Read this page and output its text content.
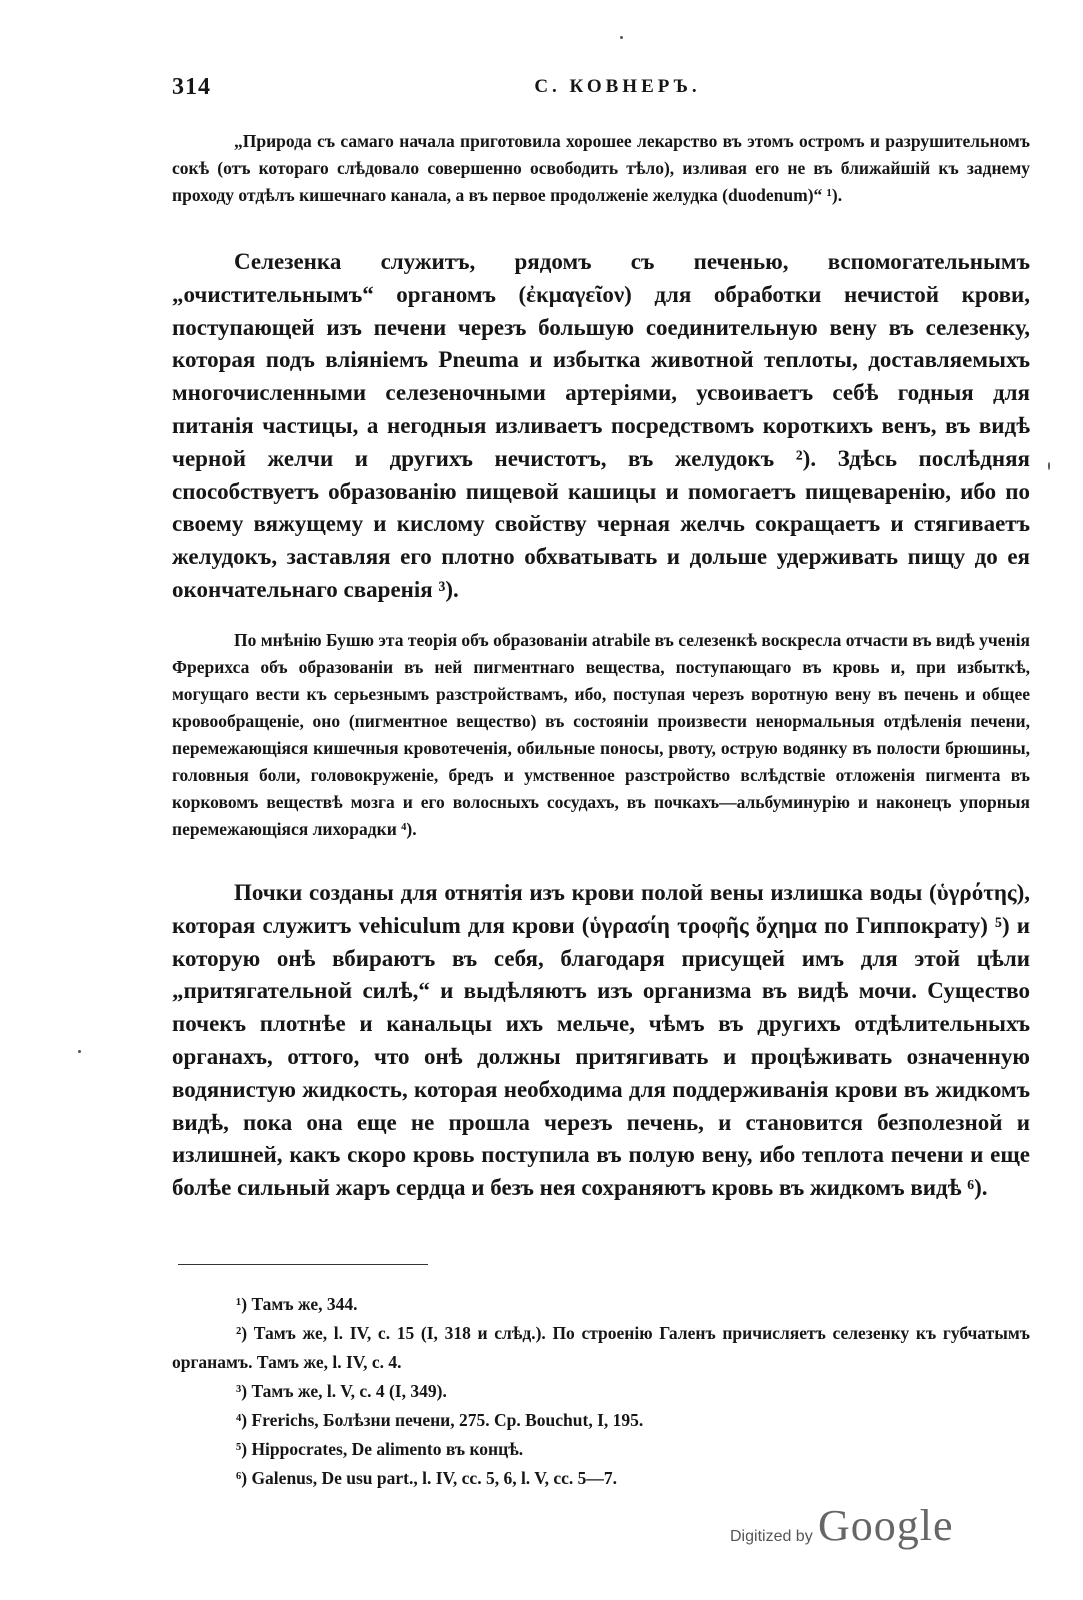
314	С. КОВНЕРЪ.

„Природа съ самаго начала приготовила хорошее лекарство въ этомъ остромъ и разрушительномъ сокѣ (отъ котораго слѣдовало совершенно освободить тѣло), изливая его не въ ближайшій къ заднему проходу отдѣлъ кишечнаго канала, а въ первое продолженіе желудка (duodenum)“ ¹).

Селезенка служитъ, рядомъ съ печенью, вспомогательнымъ „очистительнымъ“ органомъ (ἐκμαγεῖον) для обработки нечистой крови, поступающей изъ печени черезъ большую соединительную вену въ селезенку, которая подъ вліяніемъ Pneuma и избытка животной теплоты, доставляемыхъ многочисленными селезеночными артеріями, усвоиваетъ себѣ годныя для питанія частицы, а негодныя изливаетъ посредствомъ короткихъ венъ, въ видѣ черной желчи и другихъ нечистотъ, въ желудокъ ²). Здѣсь послѣдняя способствуетъ образованію пищевой кашицы и помогаетъ пищеваренію, ибо по своему вяжущему и кислому свойству черная желчь сокращаетъ и стягиваетъ желудокъ, заставляя его плотно обхватывать и дольше удерживать пищу до ея окончательнаго сваренія ³).

По мнѣнію Бушю эта теорія объ образованіи atrabile въ селезенкѣ воскресла отчасти въ видѣ ученія Фрерихса объ образованіи въ ней пигментнаго вещества, поступающаго въ кровь и, при избыткѣ, могущаго вести къ серьезнымъ разстройствамъ, ибо, поступая черезъ воротную вену въ печень и общее кровообращеніе, оно (пигментное вещество) въ состояніи произвести ненормальныя отдѣленія печени, перемежающіяся кишечныя кровотеченія, обильные поносы, рвоту, острую водянку въ полости брюшины, головныя боли, головокруженіе, бредъ и умственное разстройство вслѣдствіе отложенія пигмента въ корковомъ веществѣ мозга и его волосныхъ сосудахъ, въ почкахъ—альбуминурію и наконецъ упорныя перемежающіяся лихорадки ⁴).

Почки созданы для отнятія изъ крови полой вены излишка воды (ὑγρότης), которая служитъ vehiculum для крови (ὑγρασίη τροφῆς ὄχημα по Гиппократу) ⁵) и которую онѣ вбираютъ въ себя, благодаря присущей имъ для этой цѣли „притягательной силѣ,“ и выдѣляютъ изъ организма въ видѣ мочи. Существо почекъ плотнѣе и канальцы ихъ мельче, чѣмъ въ другихъ отдѣлительныхъ органахъ, оттого, что онѣ должны притягивать и процѣживать означенную водянистую жидкость, которая необходима для поддерживанія крови въ жидкомъ видѣ, пока она еще не прошла черезъ печень, и становится безполезной и излишней, какъ скоро кровь поступила въ полую вену, ибо теплота печени и еще болѣе сильный жаръ сердца и безъ нея сохраняютъ кровь въ жидкомъ видѣ ⁶).

¹) Тамъ же, 344.

²) Тамъ же, l. IV, c. 15 (I, 318 и слѣд.). По строенію Галенъ причисляетъ селезенку къ губчатымъ органамъ. Тамъ же, l. IV, c. 4.

³) Тамъ же, l. V, c. 4 (I, 349).

⁴) Frerichs, Болѣзни печени, 275. Ср. Bouchut, I, 195.

⁵) Hippocrates, De alimento въ концѣ.

⁶) Galenus, De usu part., l. IV, cc. 5, 6, l. V, cc. 5—7.

Digitized by Google
